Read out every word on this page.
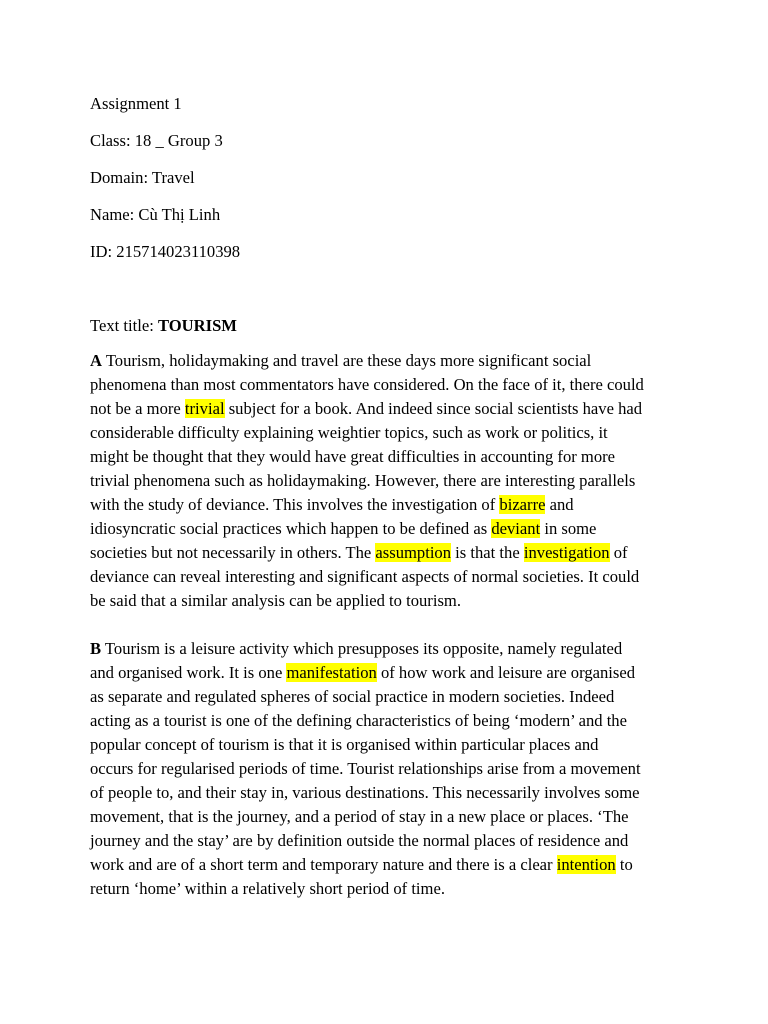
Assignment 1
Class: 18 _ Group 3
Domain: Travel
Name: Cù Thị Linh
ID: 215714023110398
Text title: TOURISM
A Tourism, holidaymaking and travel are these days more significant social
phenomena than most commentators have considered. On the face of it, there could
not be a more trivial subject for a book. And indeed since social scientists have had
considerable difficulty explaining weightier topics, such as work or politics, it
might be thought that they would have great difficulties in accounting for more
trivial phenomena such as holidaymaking. However, there are interesting parallels
with the study of deviance. This involves the investigation of bizarre and
idiosyncratic social practices which happen to be defined as deviant in some
societies but not necessarily in others. The assumption is that the investigation of
deviance can reveal interesting and significant aspects of normal societies. It could
be said that a similar analysis can be applied to tourism.
B Tourism is a leisure activity which presupposes its opposite, namely regulated
and organised work. It is one manifestation of how work and leisure are organised
as separate and regulated spheres of social practice in modern societies. Indeed
acting as a tourist is one of the defining characteristics of being ‘modern’ and the
popular concept of tourism is that it is organised within particular places and
occurs for regularised periods of time. Tourist relationships arise from a movement
of people to, and their stay in, various destinations. This necessarily involves some
movement, that is the journey, and a period of stay in a new place or places. ‘The
journey and the stay’ are by definition outside the normal places of residence and
work and are of a short term and temporary nature and there is a clear intention to
return ‘home’ within a relatively short period of time.
